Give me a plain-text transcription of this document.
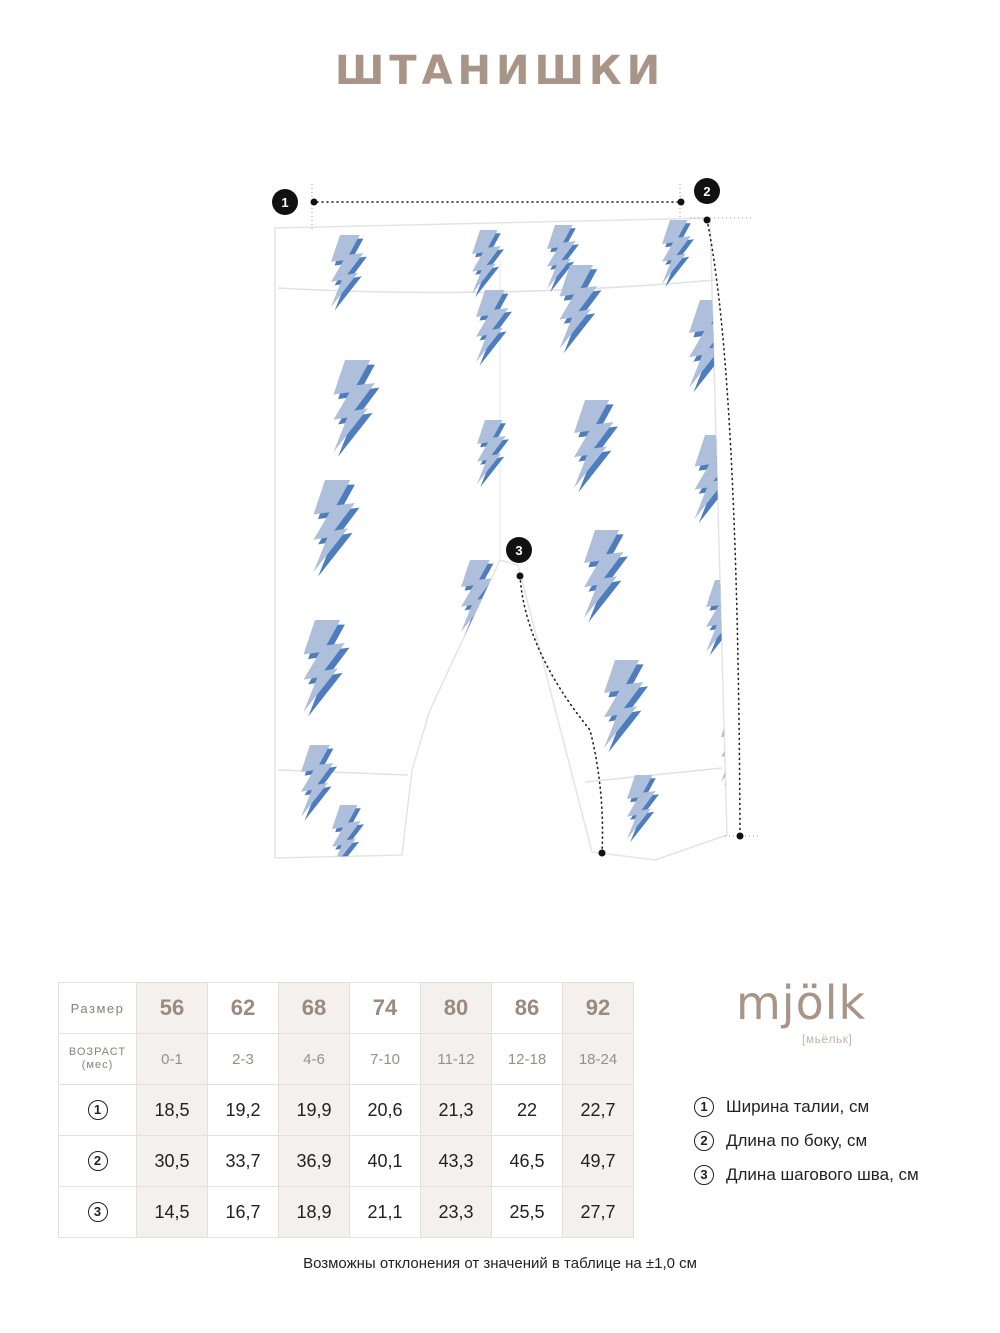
ШТАНИШКИ
1
2
3
Размер	56	62	68	74	80	86	92
ВОЗРАСТ
(мес)	0-1	2-3	4-6	7-10	11-12	12-18	18-24
1	18,5	19,2	19,9	20,6	21,3	22	22,7
2	30,5	33,7	36,9	40,1	43,3	46,5	49,7
3	14,5	16,7	18,9	21,1	23,3	25,5	27,7
mjölk
[мьёльк]
1	Ширина талии, см
2	Длина по боку, см
3	Длина шагового шва, см
Возможны отклонения от значений в таблице на ±1,0 см
